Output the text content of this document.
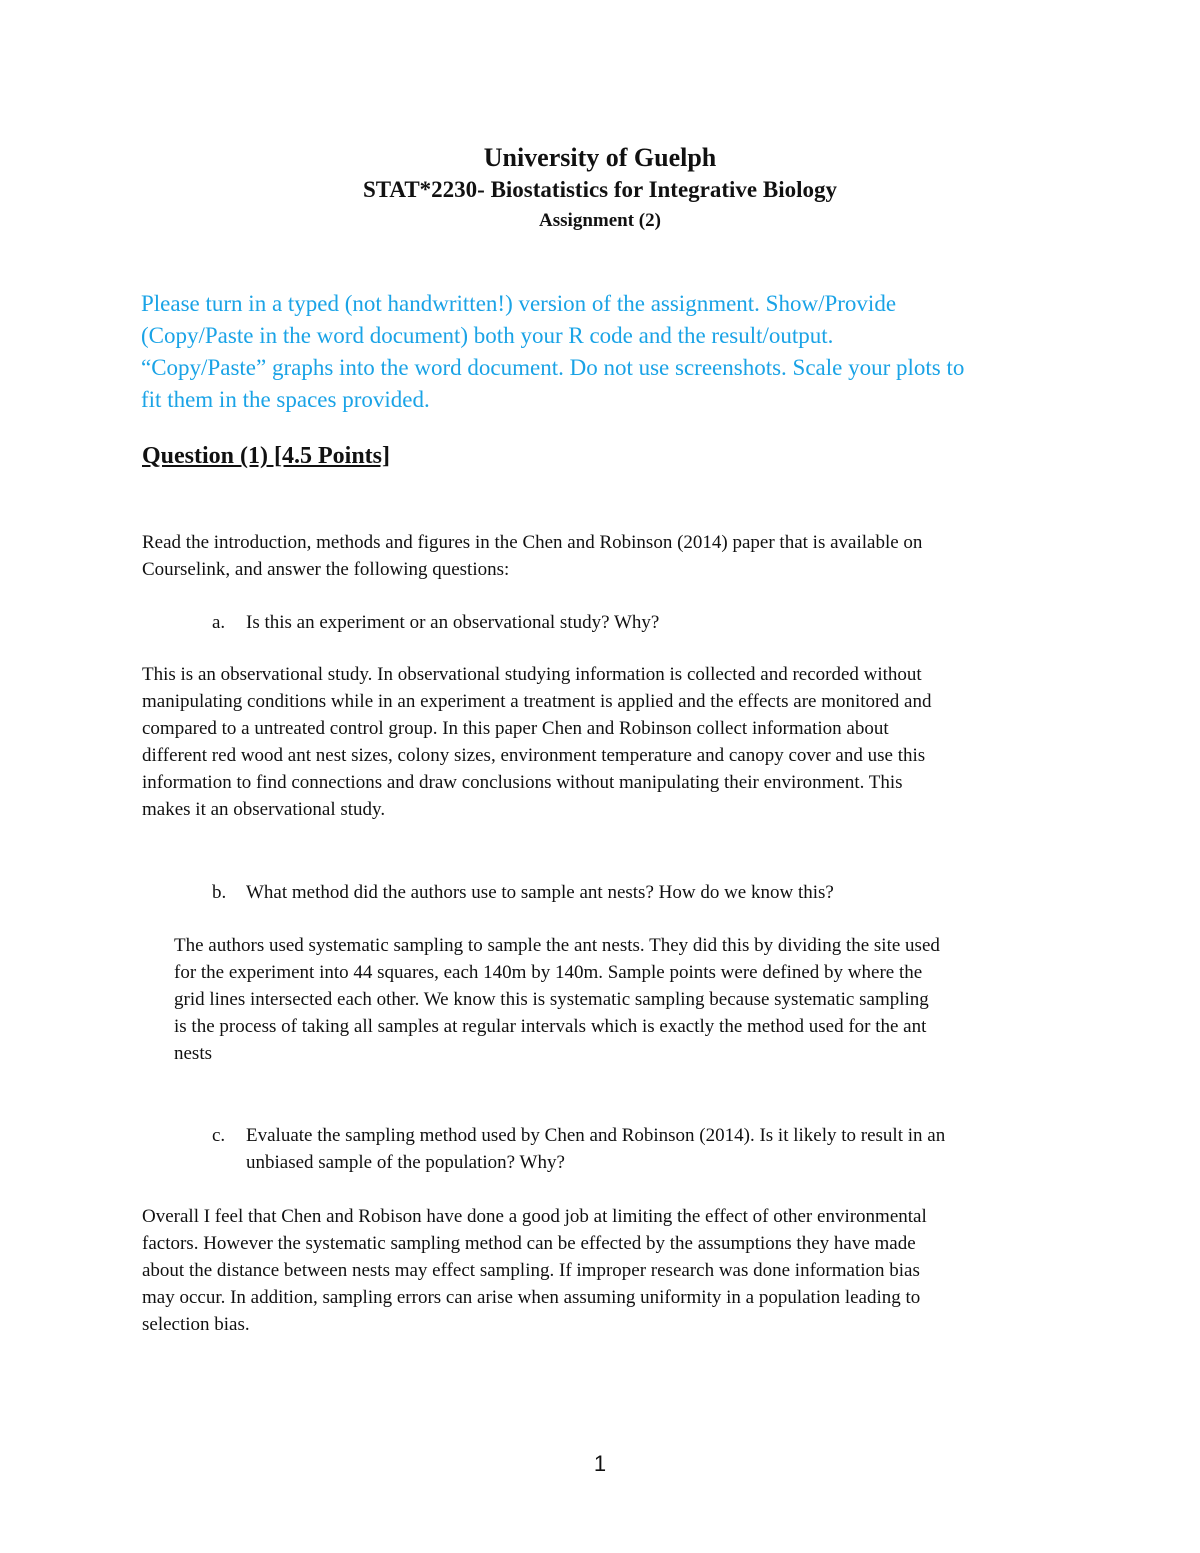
University of Guelph
STAT*2230- Biostatistics for Integrative Biology
Assignment (2)
Please turn in a typed (not handwritten!) version of the assignment. Show/Provide
(Copy/Paste in the word document) both your R code and the result/output.
“Copy/Paste” graphs into the word document. Do not use screenshots. Scale your plots to
fit them in the spaces provided.
Question (1) [4.5 Points]
Read the introduction, methods and figures in the Chen and Robinson (2014) paper that is available on
Courselink, and answer the following questions:
a. Is this an experiment or an observational study? Why?
This is an observational study. In observational studying information is collected and recorded without
manipulating conditions while in an experiment a treatment is applied and the effects are monitored and
compared to a untreated control group. In this paper Chen and Robinson collect information about
different red wood ant nest sizes, colony sizes, environment temperature and canopy cover and use this
information to find connections and draw conclusions without manipulating their environment. This
makes it an observational study.
b. What method did the authors use to sample ant nests? How do we know this?
The authors used systematic sampling to sample the ant nests. They did this by dividing the site used
for the experiment into 44 squares, each 140m by 140m. Sample points were defined by where the
grid lines intersected each other. We know this is systematic sampling because systematic sampling
is the process of taking all samples at regular intervals which is exactly the method used for the ant
nests
c. Evaluate the sampling method used by Chen and Robinson (2014). Is it likely to result in an
unbiased sample of the population? Why?
Overall I feel that Chen and Robison have done a good job at limiting the effect of other environmental
factors. However the systematic sampling method can be effected by the assumptions they have made
about the distance between nests may effect sampling. If improper research was done information bias
may occur. In addition, sampling errors can arise when assuming uniformity in a population leading to
selection bias.
1
